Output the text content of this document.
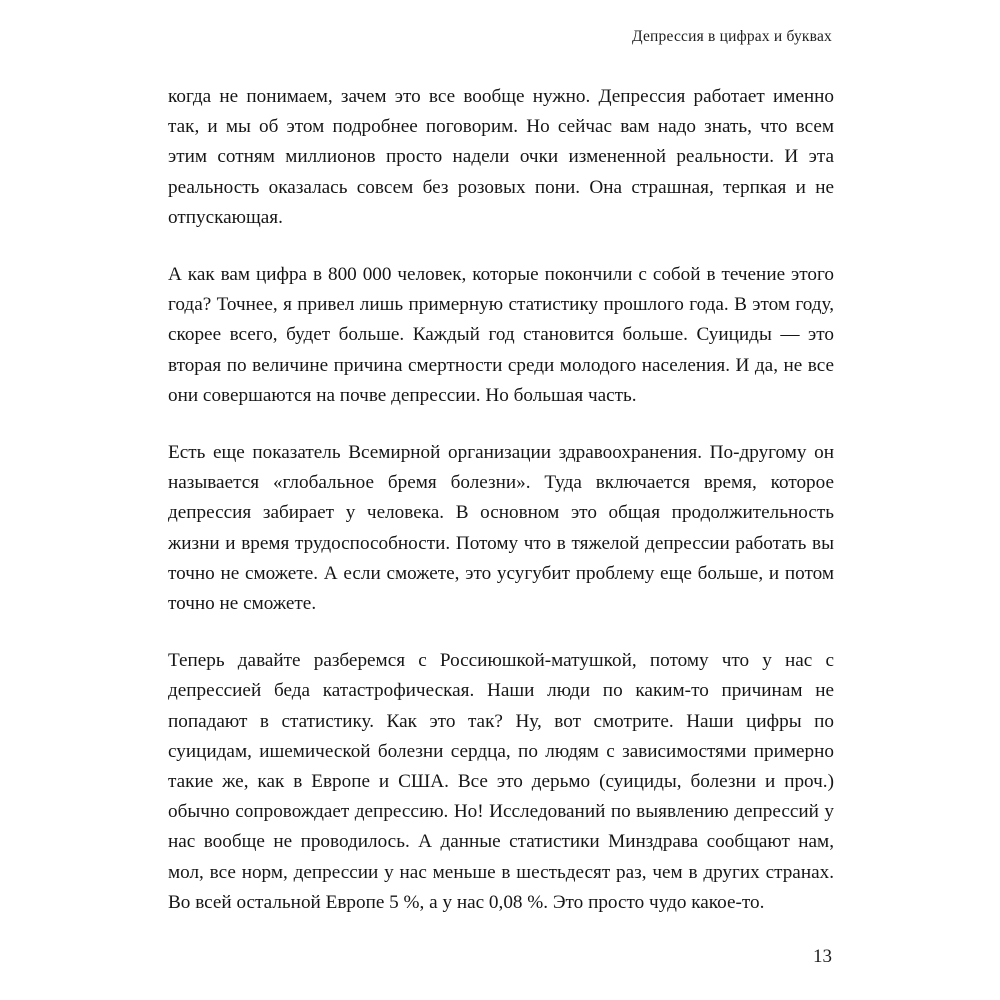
Депрессия в цифрах и буквах

когда не понимаем, зачем это все вообще нужно. Депрессия работает именно так, и мы об этом подробнее поговорим. Но сейчас вам надо знать, что всем этим сотням миллионов просто надели очки измененной реальности. И эта реальность оказалась совсем без розовых пони. Она страшная, терпкая и не отпускающая.

А как вам цифра в 800 000 человек, которые покончили с собой в течение этого года? Точнее, я привел лишь примерную статистику прошлого года. В этом году, скорее всего, будет больше. Каждый год становится больше. Суициды — это вторая по величине причина смертности среди молодого населения. И да, не все они совершаются на почве депрессии. Но большая часть.

Есть еще показатель Всемирной организации здравоохранения. По-другому он называется «глобальное бремя болезни». Туда включается время, которое депрессия забирает у человека. В основном это общая продолжительность жизни и время трудоспособности. Потому что в тяжелой депрессии работать вы точно не сможете. А если сможете, это усугубит проблему еще больше, и потом точно не сможете.

Теперь давайте разберемся с Россиюшкой-матушкой, потому что у нас с депрессией беда катастрофическая. Наши люди по каким-то причинам не попадают в статистику. Как это так? Ну, вот смотрите. Наши цифры по суицидам, ишемической болезни сердца, по людям с зависимостями примерно такие же, как в Европе и США. Все это дерьмо (суициды, болезни и проч.) обычно сопровождает депрессию. Но! Исследований по выявлению депрессий у нас вообще не проводилось. А данные статистики Минздрава сообщают нам, мол, все норм, депрессии у нас меньше в шестьдесят раз, чем в других странах. Во всей остальной Европе 5 %, а у нас 0,08 %. Это просто чудо какое-то.

13
